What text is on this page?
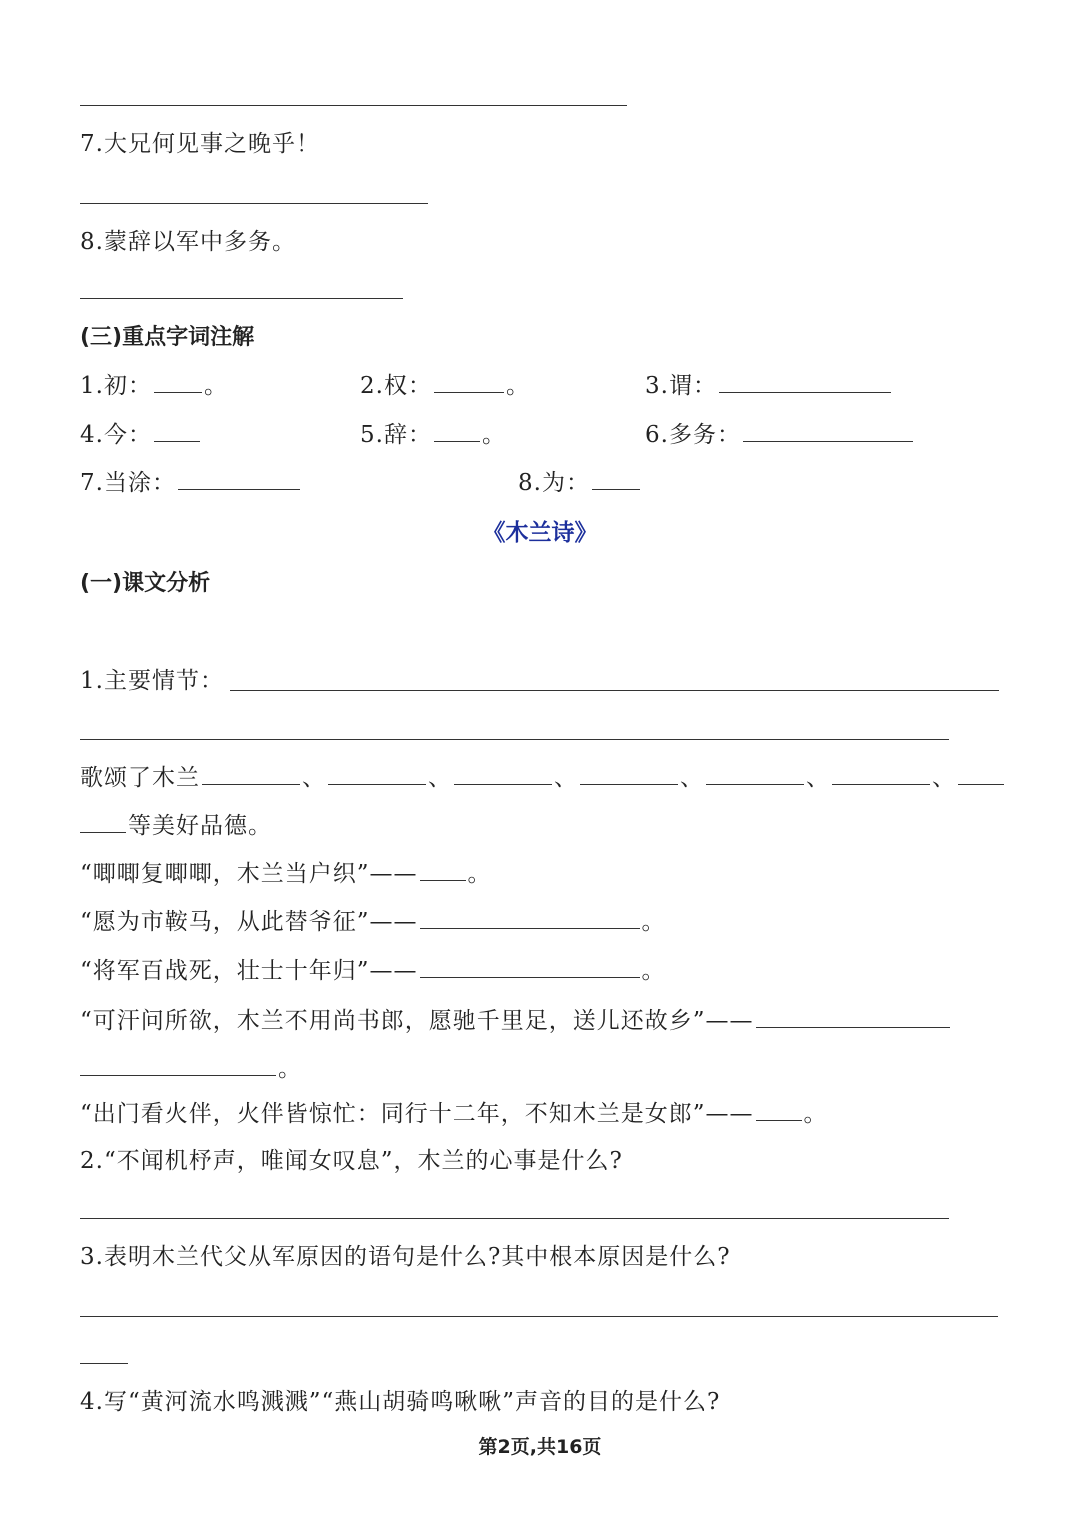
7.大兄何见事之晚乎！
8.蒙辞以军中多务。
(三)重点字词注解
1.初： 。	2.权：	。	3.谓：
4.今：	5.辞： 。	6.多务：
7.当涂：	8.为：
《木兰诗》
(一)课文分析
1.主要情节：
歌颂了木兰	、	、	、	、	、	、
等美好品德。
“唧唧复唧唧，木兰当户织”—— 。
“愿为市鞍马，从此替爷征”——	。
“将军百战死，壮士十年归”——	。
“可汗问所欲，木兰不用尚书郎，愿驰千里足，送儿还故乡”——
。
“出门看火伴，火伴皆惊忙：同行十二年，不知木兰是女郎”—— 。
2.“不闻机杼声，唯闻女叹息”，木兰的心事是什么?
3.表明木兰代父从军原因的语句是什么?其中根本原因是什么?
4.写“黄河流水鸣溅溅”“燕山胡骑鸣啾啾”声音的目的是什么?
第2页,共16页
